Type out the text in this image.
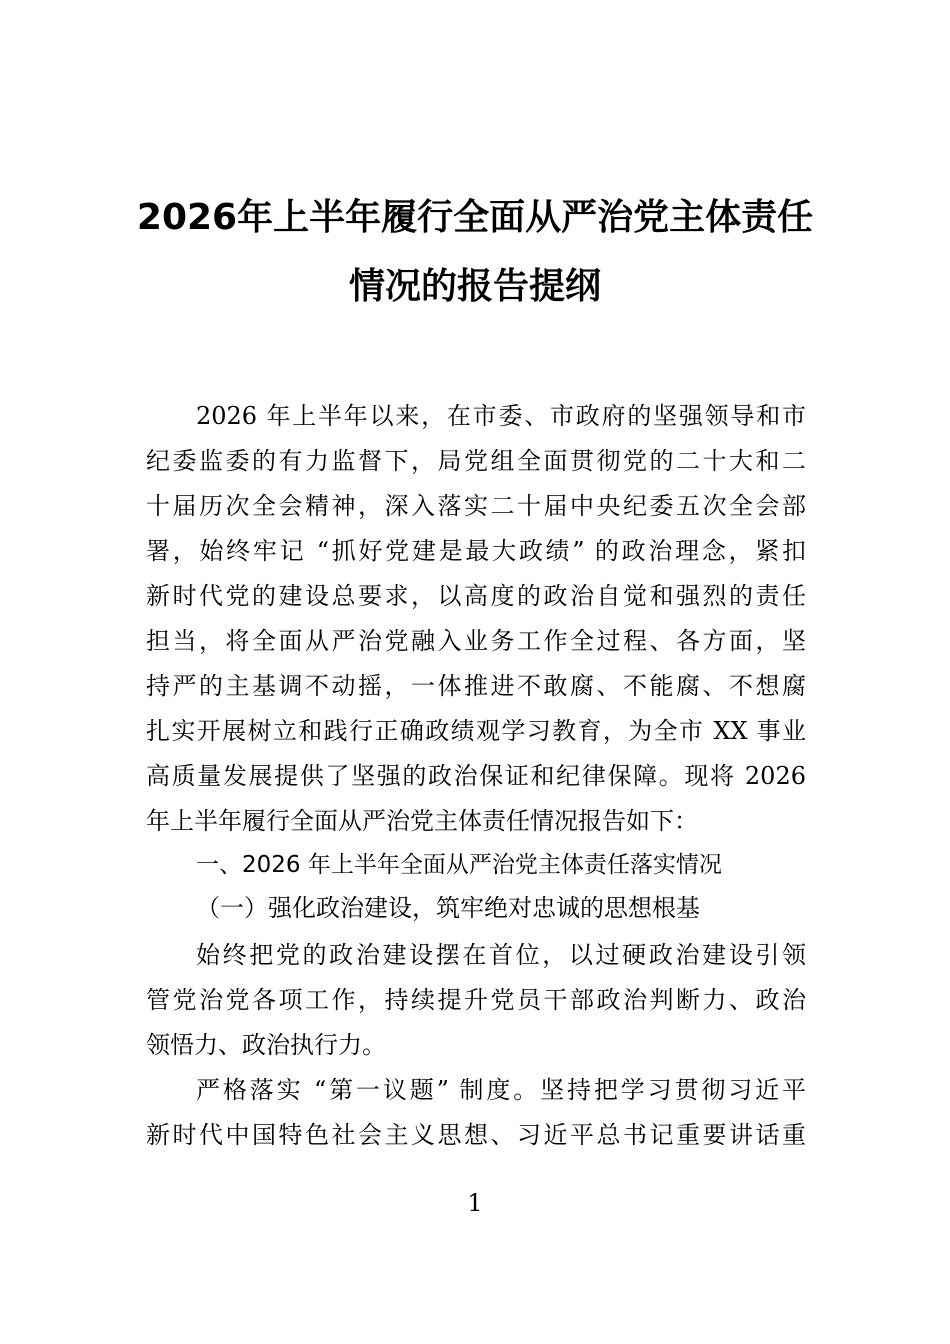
2026年上半年履行全面从严治党主体责任
情况的报告提纲
2026 年上半年以来，在市委、市政府的坚强领导和市
纪委监委的有力监督下，局党组全面贯彻党的二十大和二
十届历次全会精神，深入落实二十届中央纪委五次全会部
署，始终牢记 “抓好党建是最大政绩” 的政治理念，紧扣
新时代党的建设总要求，以高度的政治自觉和强烈的责任
担当，将全面从严治党融入业务工作全过程、各方面，坚
持严的主基调不动摇，一体推进不敢腐、不能腐、不想腐
扎实开展树立和践行正确政绩观学习教育，为全市 XX 事业
高质量发展提供了坚强的政治保证和纪律保障。现将 2026
年上半年履行全面从严治党主体责任情况报告如下：
一、2026 年上半年全面从严治党主体责任落实情况
（一）强化政治建设，筑牢绝对忠诚的思想根基
始终把党的政治建设摆在首位，以过硬政治建设引领
管党治党各项工作，持续提升党员干部政治判断力、政治
领悟力、政治执行力。
严格落实 “第一议题” 制度。坚持把学习贯彻习近平
新时代中国特色社会主义思想、习近平总书记重要讲话重
1
